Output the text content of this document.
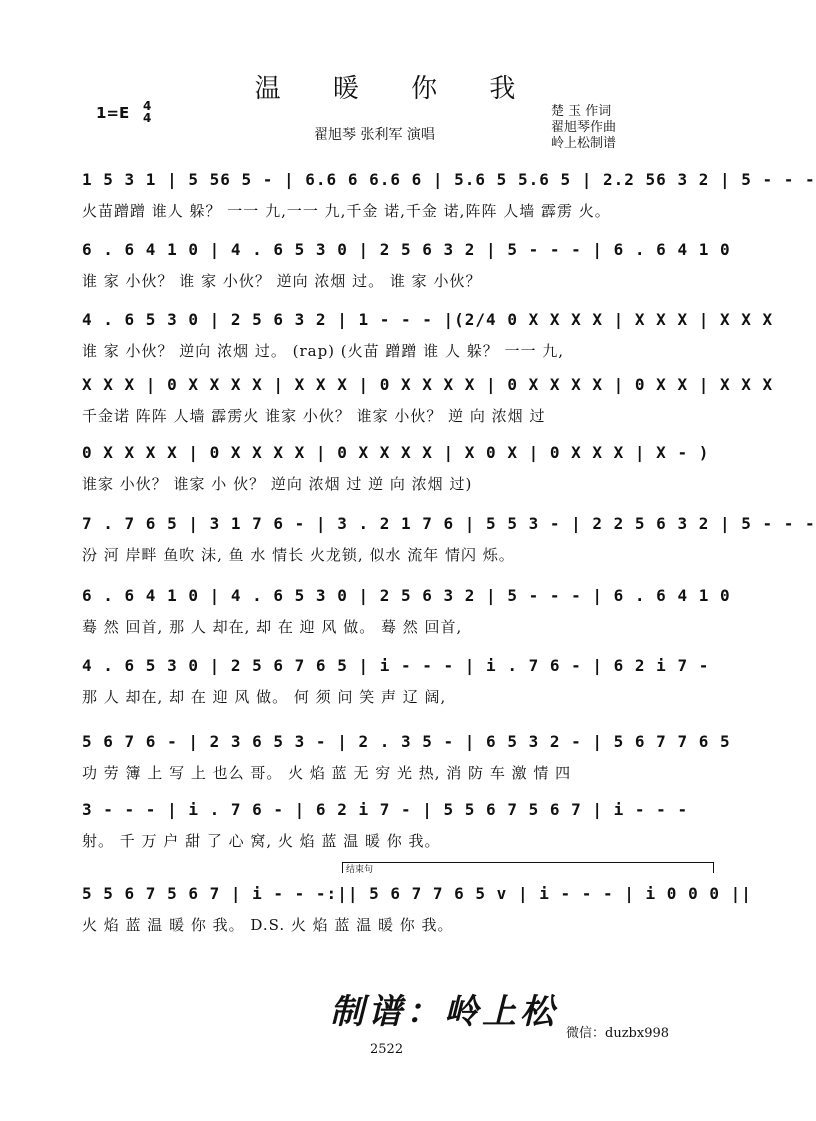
温 暖 你 我
1=E 4
4
翟旭琴 张利军 演唱
楚 玉 作词
翟旭琴作曲
岭上松制谱
1 5 3 1 | 5 56 5 - | 6.6 6 6.6 6 | 5.6 5 5.6 5 | 2.2 56 3 2 | 5 - - -
火苗蹭蹭 谁人 躲？ 一一 九,一一 九,千金 诺,千金 诺,阵阵 人墙 霹雳 火。
6 . 6 4 1 0 | 4 . 6 5 3 0 | 2 5 6 3 2 | 5 - - - | 6 . 6 4 1 0
谁 家 小伙？ 谁 家 小伙？ 逆向 浓烟 过。 谁 家 小伙？
4 . 6 5 3 0 | 2 5 6 3 2 | 1 - - - |(2/4 0 X X X X | X X X | X X X
谁 家 小伙？ 逆向 浓烟 过。 (rap) (火苗 蹭蹭 谁 人 躲？ 一一 九,
X X X | 0 X X X X | X X X | 0 X X X X | 0 X X X X | 0 X X | X X X
千金诺 阵阵 人墙 霹雳火 谁家 小伙？ 谁家 小伙？ 逆 向 浓烟 过
0 X X X X | 0 X X X X | 0 X X X X | X 0 X | 0 X X X | X - )
谁家 小伙？ 谁家 小 伙？ 逆向 浓烟 过 逆 向 浓烟 过)
7 . 7 6 5 | 3 1 7 6 - | 3 . 2 1 7 6 | 5 5 3 - | 2 2 5 6 3 2 | 5 - - -
汾 河 岸畔 鱼吹 沫, 鱼 水 情长 火龙锁, 似水 流年 情闪 烁。
6 . 6 4 1 0 | 4 . 6 5 3 0 | 2 5 6 3 2 | 5 - - - | 6 . 6 4 1 0
蓦 然 回首, 那 人 却在, 却 在 迎 风 做。 蓦 然 回首,
4 . 6 5 3 0 | 2 5 6 7 6 5 | i - - - | i . 7 6 - | 6 2 i 7 -
那 人 却在, 却 在 迎 风 做。 何 须 问 笑 声 辽 阔,
5 6 7 6 - | 2 3 6 5 3 - | 2 . 3 5 - | 6 5 3 2 - | 5 6 7 7 6 5
功 劳 簿 上 写 上 也么 哥。 火 焰 蓝 无 穷 光 热, 消 防 车 激 情 四
3 - - - | i . 7 6 - | 6 2 i 7 - | 5 5 6 7 5 6 7 | i - - -
射。 千 万 户 甜 了 心 窝, 火 焰 蓝 温 暖 你 我。
结束句
5 5 6 7 5 6 7 | i - - -:|| 5 6 7 7 6 5 v | i - - - | i 0 0 0 ||
火 焰 蓝 温 暖 你 我。 D.S. 火 焰 蓝 温 暖 你 我。
制谱：岭上松
微信：duzbx998
2522
